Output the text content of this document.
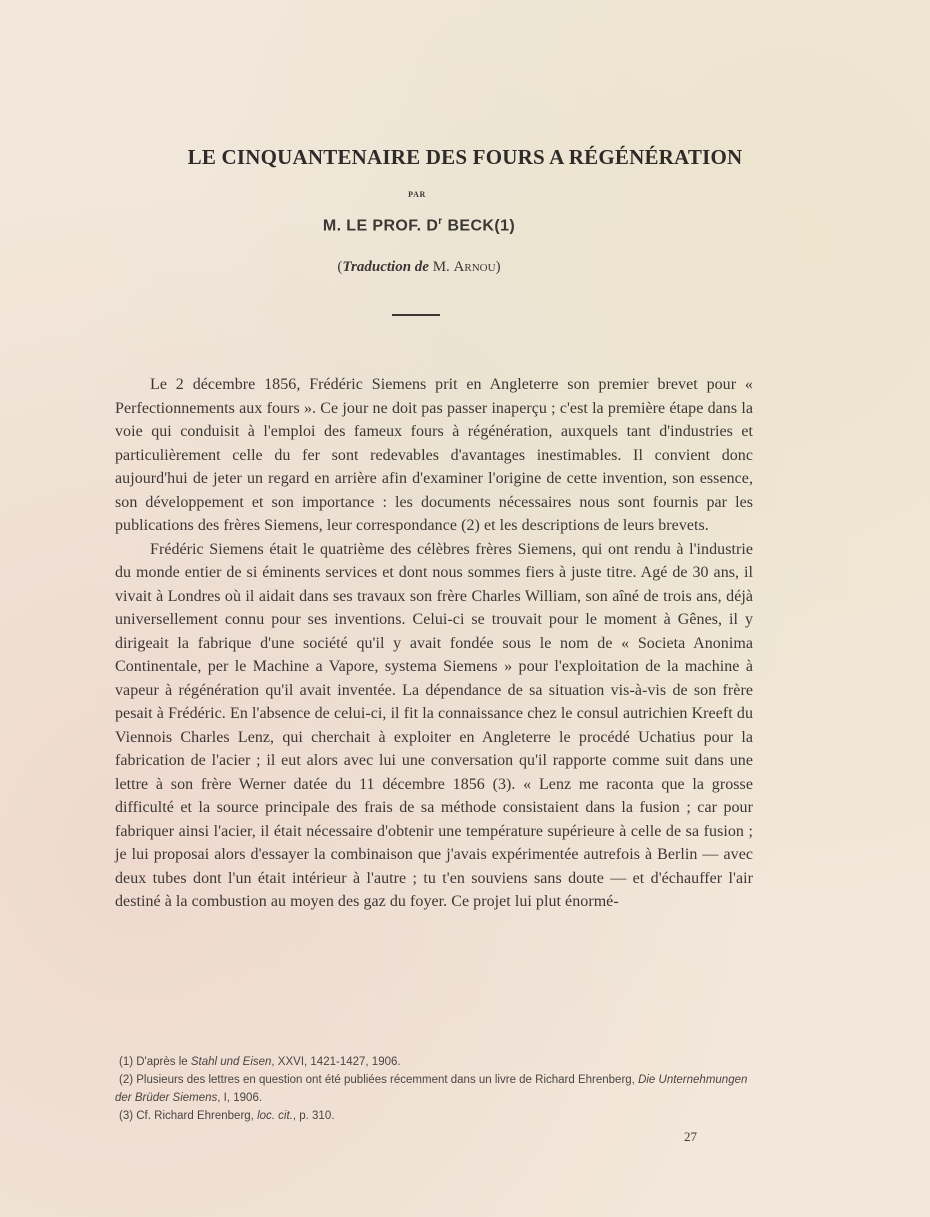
LE CINQUANTENAIRE DES FOURS A RÉGÉNÉRATION
PAR
M. LE PROF. $D^r$ BECK(1)
(Traduction de M. Arnou)

Le 2 décembre 1856, Frédéric Siemens prit en Angleterre son premier brevet pour « Perfectionnements aux fours ». Ce jour ne doit pas passer inaperçu ; c'est la première étape dans la voie qui conduisit à l'emploi des fameux fours à régénération, auxquels tant d'industries et particulièrement celle du fer sont redevables d'avantages inestimables. Il convient donc aujourd'hui de jeter un regard en arrière afin d'examiner l'origine de cette invention, son essence, son développement et son importance : les documents nécessaires nous sont fournis par les publications des frères Siemens, leur correspondance (2) et les descriptions de leurs brevets.

Frédéric Siemens était le quatrième des célèbres frères Siemens, qui ont rendu à l'industrie du monde entier de si éminents services et dont nous sommes fiers à juste titre. Agé de 30 ans, il vivait à Londres où il aidait dans ses travaux son frère Charles William, son aîné de trois ans, déjà universellement connu pour ses inventions. Celui-ci se trouvait pour le moment à Gênes, il y dirigeait la fabrique d'une société qu'il y avait fondée sous le nom de « Societa Anonima Continentale, per le Machine a Vapore, systema Siemens » pour l'exploitation de la machine à vapeur à régénération qu'il avait inventée. La dépendance de sa situation vis-à-vis de son frère pesait à Frédéric. En l'absence de celui-ci, il fit la connaissance chez le consul autrichien Kreeft du Viennois Charles Lenz, qui cherchait à exploiter en Angleterre le procédé Uchatius pour la fabrication de l'acier ; il eut alors avec lui une conversation qu'il rapporte comme suit dans une lettre à son frère Werner datée du 11 décembre 1856 (3). « Lenz me raconta que la grosse difficulté et la source principale des frais de sa méthode consistaient dans la fusion ; car pour fabriquer ainsi l'acier, il était nécessaire d'obtenir une température supérieure à celle de sa fusion ; je lui proposai alors d'essayer la combinaison que j'avais expérimentée autrefois à Berlin — avec deux tubes dont l'un était intérieur à l'autre ; tu t'en souviens sans doute — et d'échauffer l'air destiné à la combustion au moyen des gaz du foyer. Ce projet lui plut énormé-

(1) D'après le Stahl und Eisen, XXVI, 1421-1427, 1906.
(2) Plusieurs des lettres en question ont été publiées récemment dans un livre de Richard Ehrenberg, Die Unternehmungen der Brüder Siemens, I, 1906.
(3) Cf. Richard Ehrenberg, loc. cit., p. 310.
27
